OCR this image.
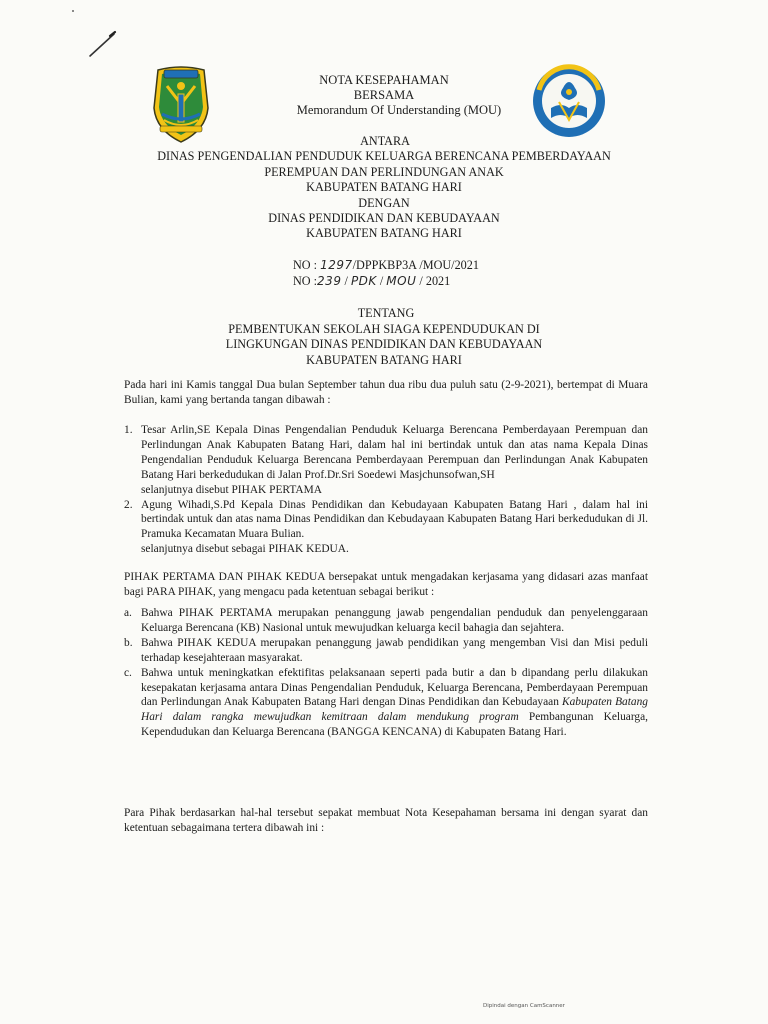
NOTA KESEPAHAMAN
BERSAMA
Memorandum Of Understanding (MOU)
ANTARA
DINAS PENGENDALIAN PENDUDUK KELUARGA BERENCANA PEMBERDAYAAN
PEREMPUAN DAN PERLINDUNGAN ANAK
KABUPATEN BATANG HARI
DENGAN
DINAS PENDIDIKAN DAN KEBUDAYAAN
KABUPATEN BATANG HARI
NO : 1297/DPPKBP3A /MOU/2021
NO :239 / PDK / MOU / 2021
TENTANG
PEMBENTUKAN SEKOLAH SIAGA KEPENDUDUKAN DI
LINGKUNGAN DINAS PENDIDIKAN DAN KEBUDAYAAN
KABUPATEN BATANG HARI

Pada hari ini Kamis tanggal Dua bulan September tahun dua ribu dua puluh satu (2-9-2021), bertempat di Muara Bulian, kami yang bertanda tangan dibawah :

1. Tesar Arlin,SE Kepala Dinas Pengendalian Penduduk Keluarga Berencana Pemberdayaan Perempuan dan Perlindungan Anak Kabupaten Batang Hari, dalam hal ini bertindak untuk dan atas nama Kepala Dinas Pengendalian Penduduk Keluarga Berencana Pemberdayaan Perempuan dan Perlindungan Anak Kabupaten Batang Hari berkedudukan di Jalan Prof.Dr.Sri Soedewi Masjchunsofwan,SH
selanjutnya disebut PIHAK PERTAMA
2. Agung Wihadi,S.Pd Kepala Dinas Pendidikan dan Kebudayaan Kabupaten Batang Hari , dalam hal ini bertindak untuk dan atas nama Dinas Pendidikan dan Kebudayaan Kabupaten Batang Hari berkedudukan di Jl. Pramuka Kecamatan Muara Bulian.
selanjutnya disebut sebagai PIHAK KEDUA.

PIHAK PERTAMA DAN PIHAK KEDUA bersepakat untuk mengadakan kerjasama yang didasari azas manfaat bagi PARA PIHAK, yang mengacu pada ketentuan sebagai berikut :

a. Bahwa PIHAK PERTAMA merupakan penanggung jawab pengendalian penduduk dan penyelenggaraan Keluarga Berencana (KB) Nasional untuk mewujudkan keluarga kecil bahagia dan sejahtera.
b. Bahwa PIHAK KEDUA merupakan penanggung jawab pendidikan yang mengemban Visi dan Misi peduli terhadap kesejahteraan masyarakat.
c. Bahwa untuk meningkatkan efektifitas pelaksanaan seperti pada butir a dan b dipandang perlu dilakukan kesepakatan kerjasama antara Dinas Pengendalian Penduduk, Keluarga Berencana, Pemberdayaan Perempuan dan Perlindungan Anak Kabupaten Batang Hari dengan Dinas Pendidikan dan Kebudayaan Kabupaten Batang Hari dalam rangka mewujudkan kemitraan dalam mendukung program Pembangunan Keluarga, Kependudukan dan Keluarga Berencana (BANGGA KENCANA) di Kabupaten Batang Hari.

Para Pihak berdasarkan hal-hal tersebut sepakat membuat Nota Kesepahaman bersama ini dengan syarat dan ketentuan sebagaimana tertera dibawah ini :

Dipindai dengan CamScanner
